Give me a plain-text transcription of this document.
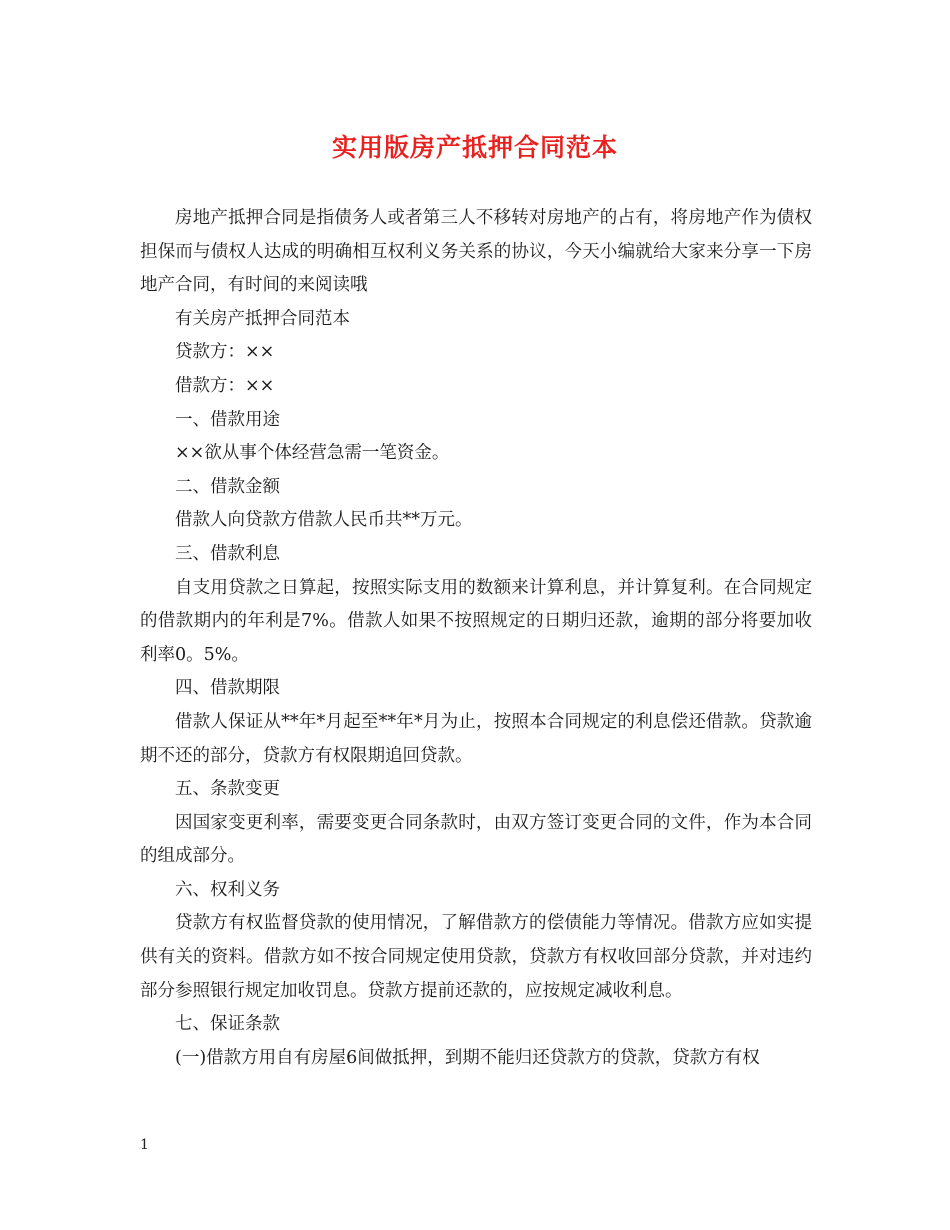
实用版房产抵押合同范本

房地产抵押合同是指债务人或者第三人不移转对房地产的占有，将房地产作为债权担保而与债权人达成的明确相互权利义务关系的协议，今天小编就给大家来分享一下房地产合同，有时间的来阅读哦

有关房产抵押合同范本

贷款方：××

借款方：××

一、借款用途

××欲从事个体经营急需一笔资金。

二、借款金额

借款人向贷款方借款人民币共**万元。

三、借款利息

自支用贷款之日算起，按照实际支用的数额来计算利息，并计算复利。在合同规定的借款期内的年利是7%。借款人如果不按照规定的日期归还款，逾期的部分将要加收利率0。5%。

四、借款期限

借款人保证从**年*月起至**年*月为止，按照本合同规定的利息偿还借款。贷款逾期不还的部分，贷款方有权限期追回贷款。

五、条款变更

因国家变更利率，需要变更合同条款时，由双方签订变更合同的文件，作为本合同的组成部分。

六、权利义务

贷款方有权监督贷款的使用情况，了解借款方的偿债能力等情况。借款方应如实提供有关的资料。借款方如不按合同规定使用贷款，贷款方有权收回部分贷款，并对违约部分参照银行规定加收罚息。贷款方提前还款的，应按规定减收利息。

七、保证条款

(一)借款方用自有房屋6间做抵押，到期不能归还贷款方的贷款，贷款方有权

1
